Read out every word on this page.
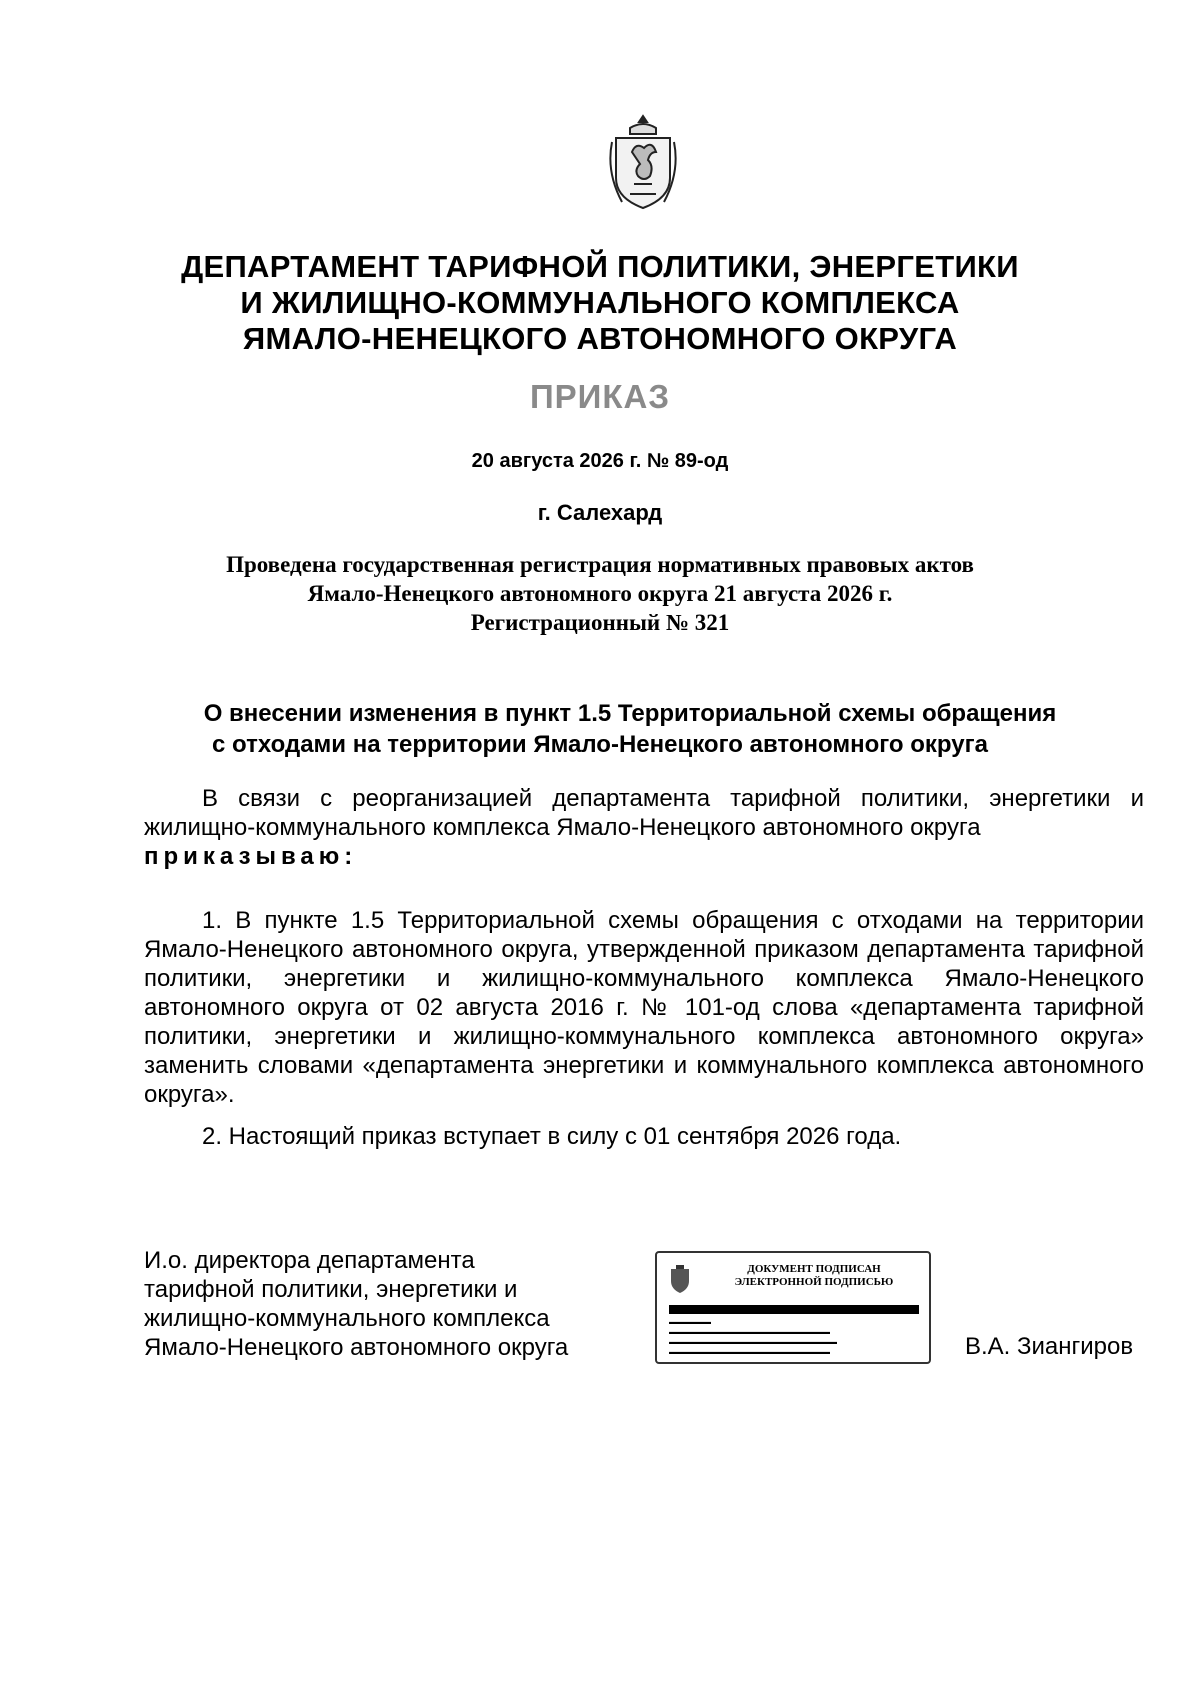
ДЕПАРТАМЕНТ ТАРИФНОЙ ПОЛИТИКИ, ЭНЕРГЕТИКИ
И ЖИЛИЩНО-КОММУНАЛЬНОГО КОМПЛЕКСА
ЯМАЛО-НЕНЕЦКОГО АВТОНОМНОГО ОКРУГА
ПРИКАЗ
20 августа 2026 г. № 89-од
г. Салехард
Проведена государственная регистрация нормативных правовых актов
Ямало-Ненецкого автономного округа 21 августа 2026 г.
Регистрационный № 321
О внесении изменения в пункт 1.5 Территориальной схемы обращения
с отходами на территории Ямало-Ненецкого автономного округа
В связи с реорганизацией департамента тарифной политики, энергетики и жилищно-коммунального комплекса Ямало-Ненецкого автономного округа
приказываю:
1. В пункте 1.5 Территориальной схемы обращения с отходами на территории Ямало-Ненецкого автономного округа, утвержденной приказом департамента тарифной политики, энергетики и жилищно-коммунального комплекса Ямало-Ненецкого автономного округа от 02 августа 2016 г. № 101-од слова «департамента тарифной политики, энергетики и жилищно-коммунального комплекса автономного округа» заменить словами «департамента энергетики и коммунального комплекса автономного округа».
2. Настоящий приказ вступает в силу с 01 сентября 2026 года.
И.о. директора департамента
тарифной политики, энергетики и
жилищно-коммунального комплекса
Ямало-Ненецкого автономного округа
ДОКУМЕНТ ПОДПИСАН
ЭЛЕКТРОННОЙ ПОДПИСЬЮ
▬▬▬▬▬▬
▬▬▬▬▬▬▬▬▬▬▬▬▬▬▬▬▬▬▬▬▬▬▬
▬▬▬▬▬▬▬▬▬▬▬▬▬▬▬▬▬▬▬▬▬▬▬▬
▬▬▬▬▬▬▬▬▬▬▬▬▬▬▬▬▬▬▬▬▬▬▬	В.А. Зиангиров
